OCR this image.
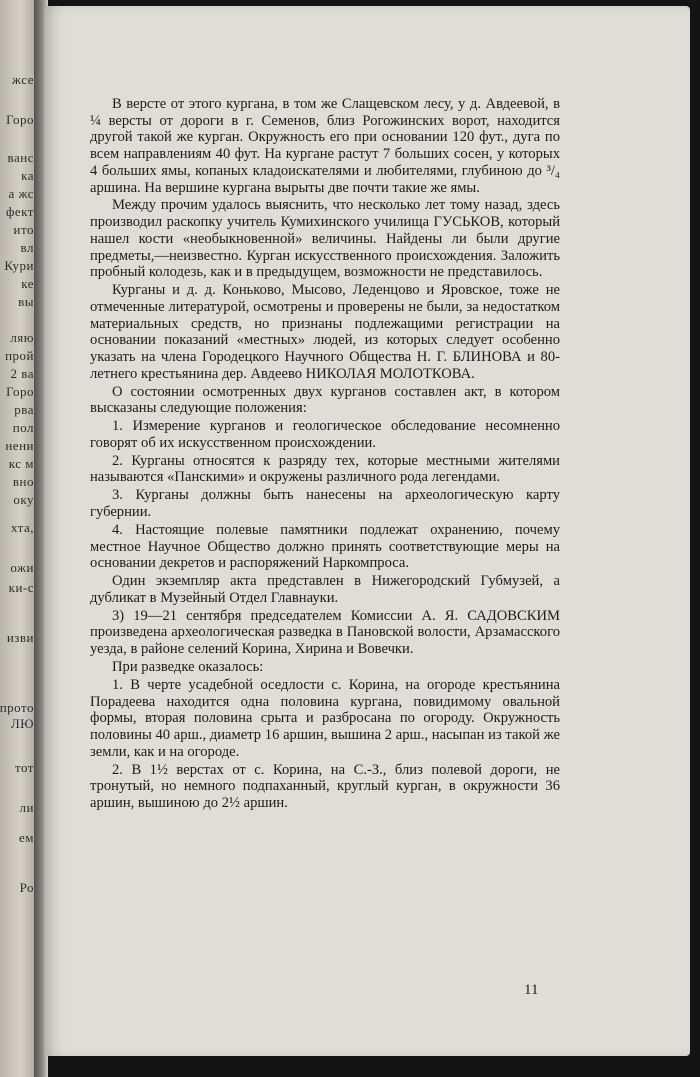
жсе
Горо
ванс
ка
а жс
фект
ито
вл
Кури
ке
вы
ляю
прой
2 ва
Горо
рва
пол
нени
кс м
вно
оку
хта,
ожи
ки-с
изви
прото
ЛЮ
тот
ли
ем
Ро

В версте от этого кургана, в том же Слащевском лесу, у д. Авдеевой, в ¼ версты от дороги в г. Семенов, близ Рогожинских ворот, находится другой такой же курган. Окружность его при основании 120 фут., дуга по всем направлениям 40 фут. На кургане растут 7 больших сосен, у которых 4 больших ямы, копаных кладоискателями и любителями, глубиною до ³/₄ аршина. На вершине кургана вырыты две почти такие же ямы.

Между прочим удалось выяснить, что несколько лет тому назад, здесь производил раскопку учитель Кумихинского училища ГУСЬКОВ, который нашел кости «необыкновенной» величины. Найдены ли были другие предметы,—неизвестно. Курган искусственного происхождения. Заложить пробный колодезь, как и в предыдущем, возможности не представилось.

Курганы и д. д. Коньково, Мысово, Леденцово и Яровское, тоже не отмеченные литературой, осмотрены и проверены не были, за недостатком материальных средств, но признаны подлежащими регистрации на основании показаний «местных» людей, из которых следует особенно указать на члена Городецкого Научного Общества Н. Г. БЛИНОВА и 80-летнего крестьянина дер. Авдеево НИКОЛАЯ МОЛОТКОВА.

О состоянии осмотренных двух курганов составлен акт, в котором высказаны следующие положения:

1. Измерение курганов и геологическое обследование несомненно говорят об их искусственном происхождении.

2. Курганы относятся к разряду тех, которые местными жителями называются «Панскими» и окружены различного рода легендами.

3. Курганы должны быть нанесены на археологическую карту губернии.

4. Настоящие полевые памятники подлежат охранению, почему местное Научное Общество должно принять соответствующие меры на основании декретов и распоряжений Наркомпроса.

Один экземпляр акта представлен в Нижегородский Губмузей, а дубликат в Музейный Отдел Главнауки.

3) 19—21 сентября председателем Комиссии А. Я. САДОВСКИМ произведена археологическая разведка в Пановской волости, Арзамасского уезда, в районе селений Корина, Хирина и Вовечки.

При разведке оказалось:

1. В черте усадебной оседлости с. Корина, на огороде крестьянина Порадеева находится одна половина кургана, повидимому овальной формы, вторая половина срыта и разбросана по огороду. Окружность половины 40 арш., диаметр 16 аршин, вышина 2 арш., насыпан из такой же земли, как и на огороде.

2. В 1½ верстах от с. Корина, на С.-З., близ полевой дороги, не тронутый, но немного подпаханный, круглый курган, в окружности 36 аршин, вышиною до 2½ аршин.

11
